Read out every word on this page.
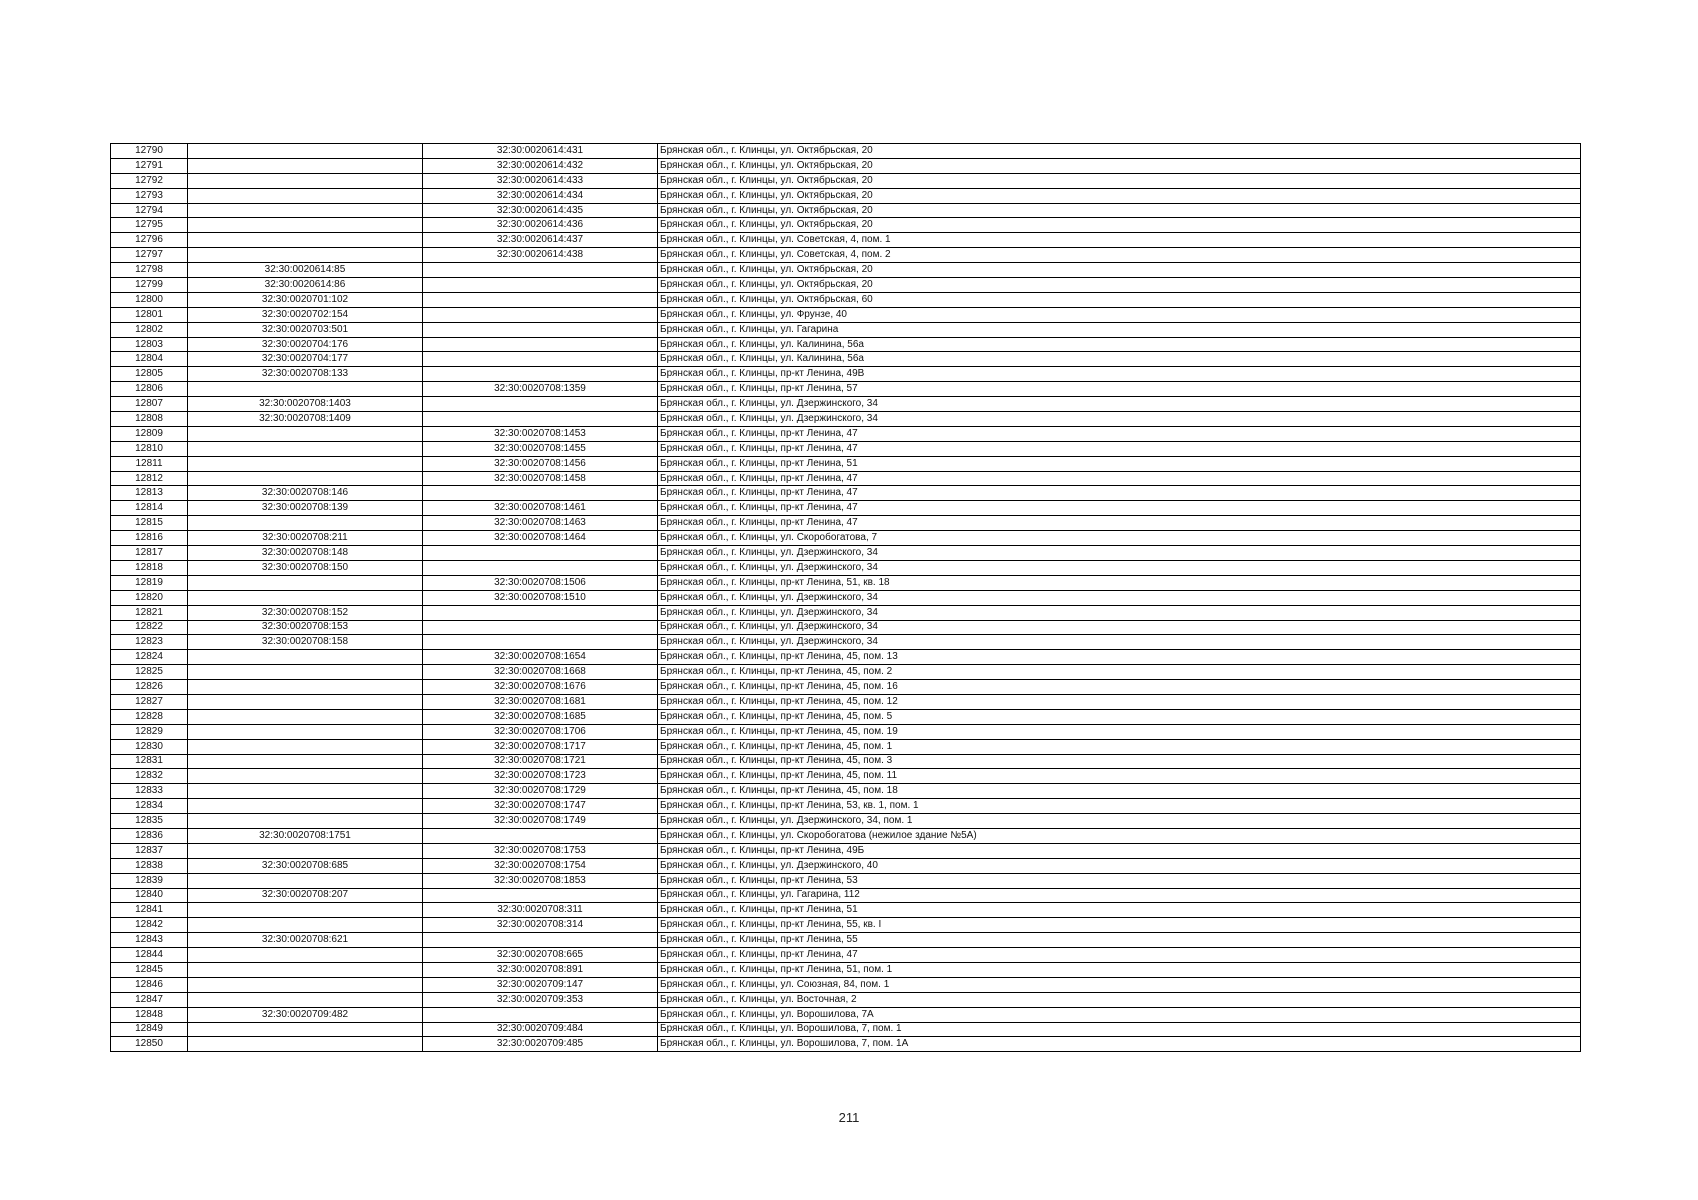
12790		32:30:0020614:431	Брянская обл., г. Клинцы, ул. Октябрьская, 20
12791		32:30:0020614:432	Брянская обл., г. Клинцы, ул. Октябрьская, 20
12792		32:30:0020614:433	Брянская обл., г. Клинцы, ул. Октябрьская, 20
12793		32:30:0020614:434	Брянская обл., г. Клинцы, ул. Октябрьская, 20
12794		32:30:0020614:435	Брянская обл., г. Клинцы, ул. Октябрьская, 20
12795		32:30:0020614:436	Брянская обл., г. Клинцы, ул. Октябрьская, 20
12796		32:30:0020614:437	Брянская обл., г. Клинцы, ул. Советская, 4, пом. 1
12797		32:30:0020614:438	Брянская обл., г. Клинцы, ул. Советская, 4, пом. 2
12798	32:30:0020614:85		Брянская обл., г. Клинцы, ул. Октябрьская, 20
12799	32:30:0020614:86		Брянская обл., г. Клинцы, ул. Октябрьская, 20
12800	32:30:0020701:102		Брянская обл., г. Клинцы, ул. Октябрьская, 60
12801	32:30:0020702:154		Брянская обл., г. Клинцы, ул. Фрунзе, 40
12802	32:30:0020703:501		Брянская обл., г. Клинцы, ул. Гагарина
12803	32:30:0020704:176		Брянская обл., г. Клинцы, ул. Калинина, 56а
12804	32:30:0020704:177		Брянская обл., г. Клинцы, ул. Калинина, 56а
12805	32:30:0020708:133		Брянская обл., г. Клинцы, пр-кт Ленина, 49В
12806		32:30:0020708:1359	Брянская обл., г. Клинцы, пр-кт Ленина, 57
12807	32:30:0020708:1403		Брянская обл., г. Клинцы, ул. Дзержинского, 34
12808	32:30:0020708:1409		Брянская обл., г. Клинцы, ул. Дзержинского, 34
12809		32:30:0020708:1453	Брянская обл., г. Клинцы, пр-кт Ленина, 47
12810		32:30:0020708:1455	Брянская обл., г. Клинцы, пр-кт Ленина, 47
12811		32:30:0020708:1456	Брянская обл., г. Клинцы, пр-кт Ленина, 51
12812		32:30:0020708:1458	Брянская обл., г. Клинцы, пр-кт Ленина, 47
12813	32:30:0020708:146		Брянская обл., г. Клинцы, пр-кт Ленина, 47
12814	32:30:0020708:139	32:30:0020708:1461	Брянская обл., г. Клинцы, пр-кт Ленина, 47
12815		32:30:0020708:1463	Брянская обл., г. Клинцы, пр-кт Ленина, 47
12816	32:30:0020708:211	32:30:0020708:1464	Брянская обл., г. Клинцы, ул. Скоробогатова, 7
12817	32:30:0020708:148		Брянская обл., г. Клинцы, ул. Дзержинского, 34
12818	32:30:0020708:150		Брянская обл., г. Клинцы, ул. Дзержинского, 34
12819		32:30:0020708:1506	Брянская обл., г. Клинцы, пр-кт Ленина, 51, кв. 18
12820		32:30:0020708:1510	Брянская обл., г. Клинцы, ул. Дзержинского, 34
12821	32:30:0020708:152		Брянская обл., г. Клинцы, ул. Дзержинского, 34
12822	32:30:0020708:153		Брянская обл., г. Клинцы, ул. Дзержинского, 34
12823	32:30:0020708:158		Брянская обл., г. Клинцы, ул. Дзержинского, 34
12824		32:30:0020708:1654	Брянская обл., г. Клинцы, пр-кт Ленина, 45, пом. 13
12825		32:30:0020708:1668	Брянская обл., г. Клинцы, пр-кт Ленина, 45, пом. 2
12826		32:30:0020708:1676	Брянская обл., г. Клинцы, пр-кт Ленина, 45, пом. 16
12827		32:30:0020708:1681	Брянская обл., г. Клинцы, пр-кт Ленина, 45, пом. 12
12828		32:30:0020708:1685	Брянская обл., г. Клинцы, пр-кт Ленина, 45, пом. 5
12829		32:30:0020708:1706	Брянская обл., г. Клинцы, пр-кт Ленина, 45, пом. 19
12830		32:30:0020708:1717	Брянская обл., г. Клинцы, пр-кт Ленина, 45, пом. 1
12831		32:30:0020708:1721	Брянская обл., г. Клинцы, пр-кт Ленина, 45, пом. 3
12832		32:30:0020708:1723	Брянская обл., г. Клинцы, пр-кт Ленина, 45, пом. 11
12833		32:30:0020708:1729	Брянская обл., г. Клинцы, пр-кт Ленина, 45, пом. 18
12834		32:30:0020708:1747	Брянская обл., г. Клинцы, пр-кт Ленина, 53, кв. 1, пом. 1
12835		32:30:0020708:1749	Брянская обл., г. Клинцы, ул. Дзержинского, 34, пом. 1
12836	32:30:0020708:1751		Брянская обл., г. Клинцы, ул. Скоробогатова (нежилое здание №5А)
12837		32:30:0020708:1753	Брянская обл., г. Клинцы, пр-кт Ленина, 49Б
12838	32:30:0020708:685	32:30:0020708:1754	Брянская обл., г. Клинцы, ул. Дзержинского, 40
12839		32:30:0020708:1853	Брянская обл., г. Клинцы, пр-кт Ленина, 53
12840	32:30:0020708:207		Брянская обл., г. Клинцы, ул. Гагарина, 112
12841		32:30:0020708:311	Брянская обл., г. Клинцы, пр-кт Ленина, 51
12842		32:30:0020708:314	Брянская обл., г. Клинцы, пр-кт Ленина, 55, кв. I
12843	32:30:0020708:621		Брянская обл., г. Клинцы, пр-кт Ленина, 55
12844		32:30:0020708:665	Брянская обл., г. Клинцы, пр-кт Ленина, 47
12845		32:30:0020708:891	Брянская обл., г. Клинцы, пр-кт Ленина, 51, пом. 1
12846		32:30:0020709:147	Брянская обл., г. Клинцы, ул. Союзная, 84, пом. 1
12847		32:30:0020709:353	Брянская обл., г. Клинцы, ул. Восточная, 2
12848	32:30:0020709:482		Брянская обл., г. Клинцы, ул. Ворошилова, 7А
12849		32:30:0020709:484	Брянская обл., г. Клинцы, ул. Ворошилова, 7, пом. 1
12850		32:30:0020709:485	Брянская обл., г. Клинцы, ул. Ворошилова, 7, пом. 1А
211
